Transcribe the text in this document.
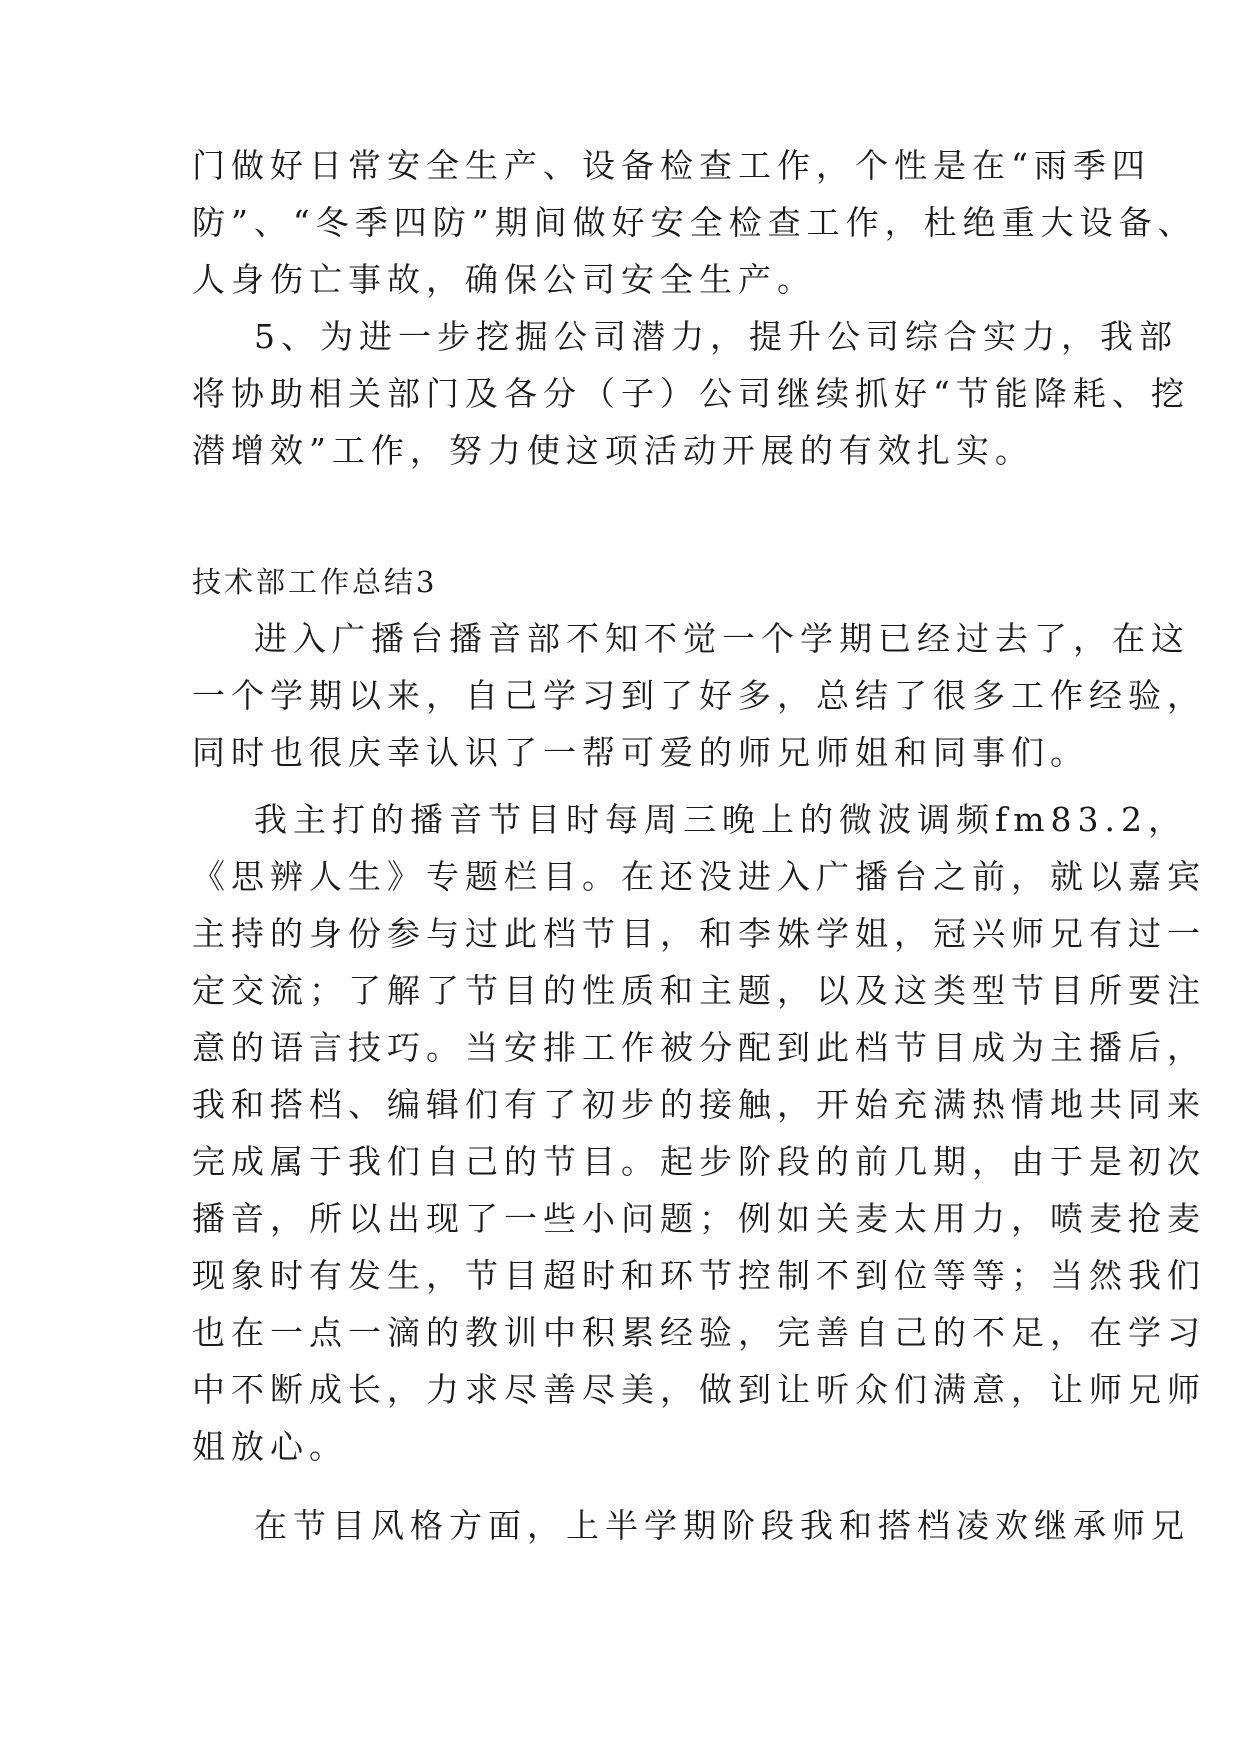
门做好日常安全生产、设备检查工作，个性是在“雨季四
防”、“冬季四防”期间做好安全检查工作，杜绝重大设备、
人身伤亡事故，确保公司安全生产。
5、为进一步挖掘公司潜力，提升公司综合实力，我部
将协助相关部门及各分（子）公司继续抓好“节能降耗、挖
潜增效”工作，努力使这项活动开展的有效扎实。
技术部工作总结3
进入广播台播音部不知不觉一个学期已经过去了，在这
一个学期以来，自己学习到了好多，总结了很多工作经验，
同时也很庆幸认识了一帮可爱的师兄师姐和同事们。
我主打的播音节目时每周三晚上的微波调频fm83.2，
《思辨人生》专题栏目。在还没进入广播台之前，就以嘉宾
主持的身份参与过此档节目，和李姝学姐，冠兴师兄有过一
定交流；了解了节目的性质和主题，以及这类型节目所要注
意的语言技巧。当安排工作被分配到此档节目成为主播后，
我和搭档、编辑们有了初步的接触，开始充满热情地共同来
完成属于我们自己的节目。起步阶段的前几期，由于是初次
播音，所以出现了一些小问题；例如关麦太用力，喷麦抢麦
现象时有发生，节目超时和环节控制不到位等等；当然我们
也在一点一滴的教训中积累经验，完善自己的不足，在学习
中不断成长，力求尽善尽美，做到让听众们满意，让师兄师
姐放心。
在节目风格方面，上半学期阶段我和搭档凌欢继承师兄
